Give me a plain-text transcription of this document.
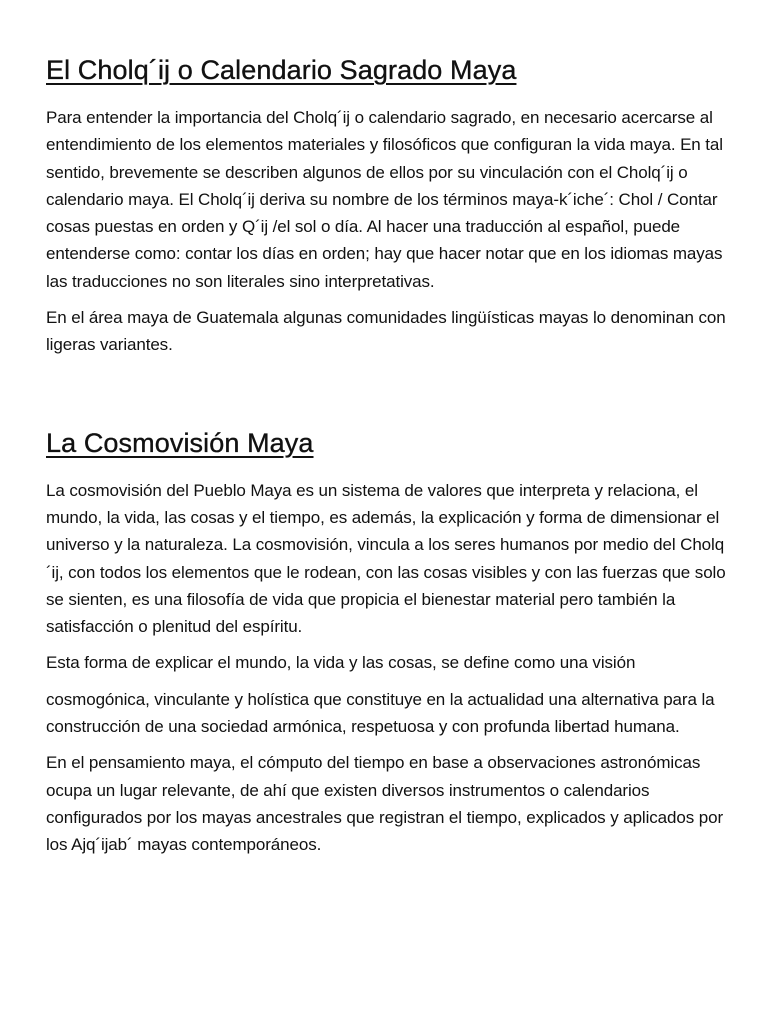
El Cholq´ij o Calendario Sagrado Maya

Para entender la importancia del Cholq´ij o calendario sagrado, en necesario acercarse al entendimiento de los elementos materiales y filosóficos que configuran la vida maya. En tal sentido, brevemente se describen algunos de ellos por su vinculación con el Cholq´ij o calendario maya. El Cholq´ij deriva su nombre de los términos maya-k´iche´: Chol / Contar cosas puestas en orden y Q´ij /el sol o día. Al hacer una traducción al español, puede entenderse como: contar los días en orden; hay que hacer notar que en los idiomas mayas las traducciones no son literales sino interpretativas.

En el área maya de Guatemala algunas comunidades lingüísticas mayas lo denominan con ligeras variantes.

La Cosmovisión Maya

La cosmovisión del Pueblo Maya es un sistema de valores que interpreta y relaciona, el mundo, la vida, las cosas y el tiempo, es además, la explicación y forma de dimensionar el universo y la naturaleza. La cosmovisión, vincula a los seres humanos por medio del Cholq´ij, con todos los elementos que le rodean, con las cosas visibles y con las fuerzas que solo se sienten, es una filosofía de vida que propicia el bienestar material pero también la satisfacción o plenitud del espíritu.

Esta forma de explicar el mundo, la vida y las cosas, se define como una visión

cosmogónica, vinculante y holística que constituye en la actualidad una alternativa para la construcción de una sociedad armónica, respetuosa y con profunda libertad humana.

En el pensamiento maya, el cómputo del tiempo en base a observaciones astronómicas ocupa un lugar relevante, de ahí que existen diversos instrumentos o calendarios configurados por los mayas ancestrales que registran el tiempo, explicados y aplicados por los Ajq´ijab´ mayas contemporáneos.
